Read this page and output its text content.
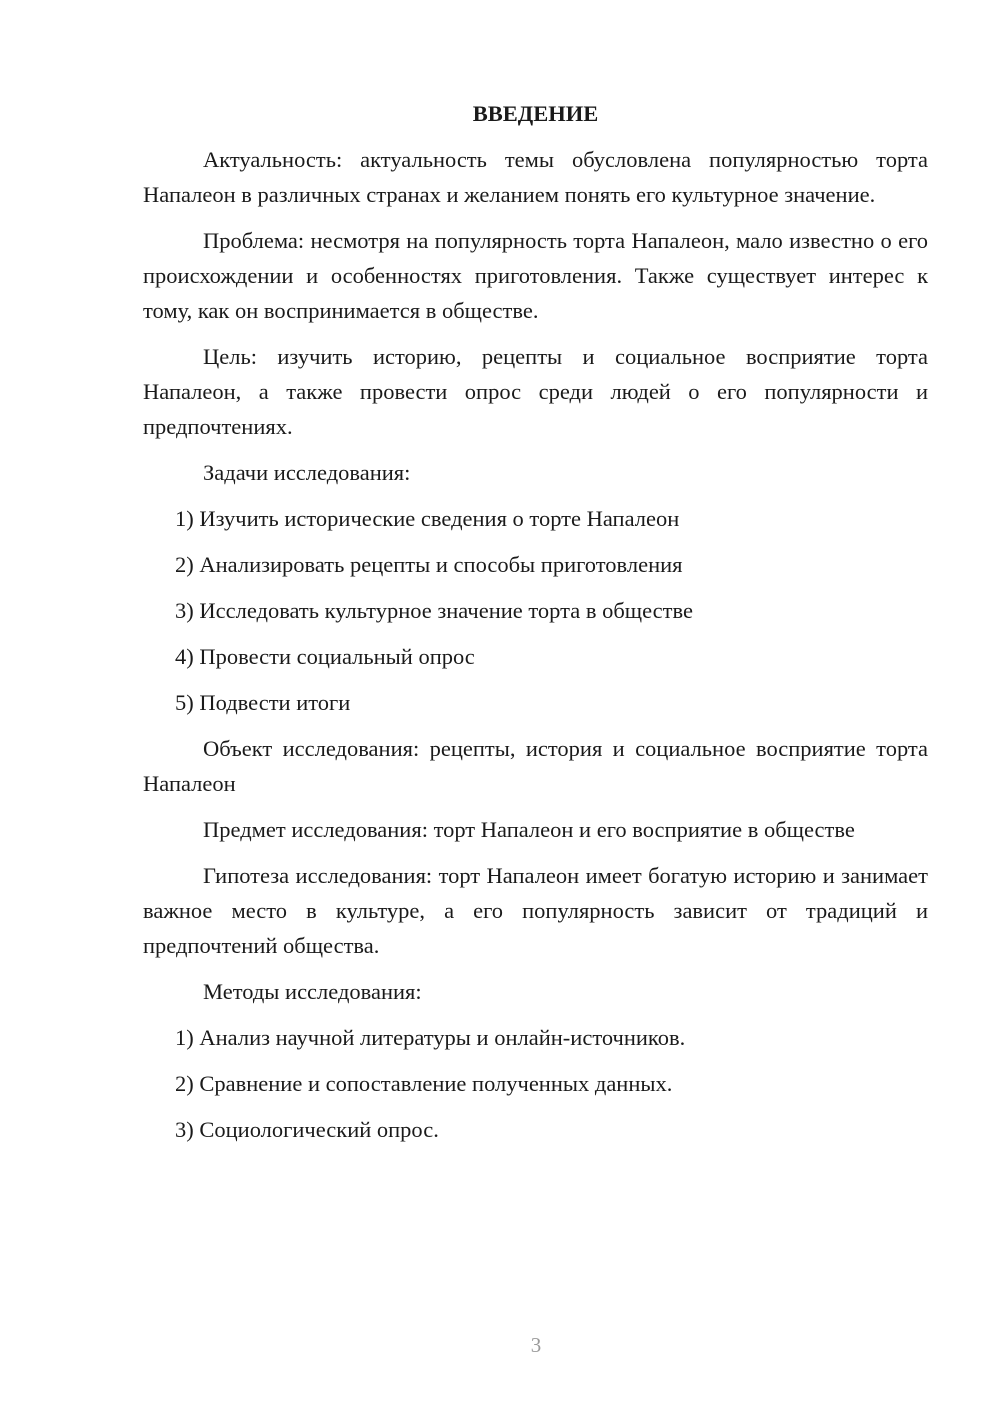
ВВЕДЕНИЕ
Актуальность: актуальность темы обусловлена популярностью торта Напалеон в различных странах и желанием понять его культурное значение.
Проблема: несмотря на популярность торта Напалеон, мало известно о его происхождении и особенностях приготовления. Также существует интерес к тому, как он воспринимается в обществе.
Цель: изучить историю, рецепты и социальное восприятие торта Напалеон, а также провести опрос среди людей о его популярности и предпочтениях.
Задачи исследования:
1) Изучить исторические сведения о торте Напалеон
2) Анализировать рецепты и способы приготовления
3) Исследовать культурное значение торта в обществе
4) Провести социальный опрос
5) Подвести итоги
Объект исследования: рецепты, история и социальное восприятие торта Напалеон
Предмет исследования: торт Напалеон и его восприятие в обществе
Гипотеза исследования: торт Напалеон имеет богатую историю и занимает важное место в культуре, а его популярность зависит от традиций и предпочтений общества.
Методы исследования:
1) Анализ научной литературы и онлайн-источников.
2) Сравнение и сопоставление полученных данных.
3) Социологический опрос.
3
